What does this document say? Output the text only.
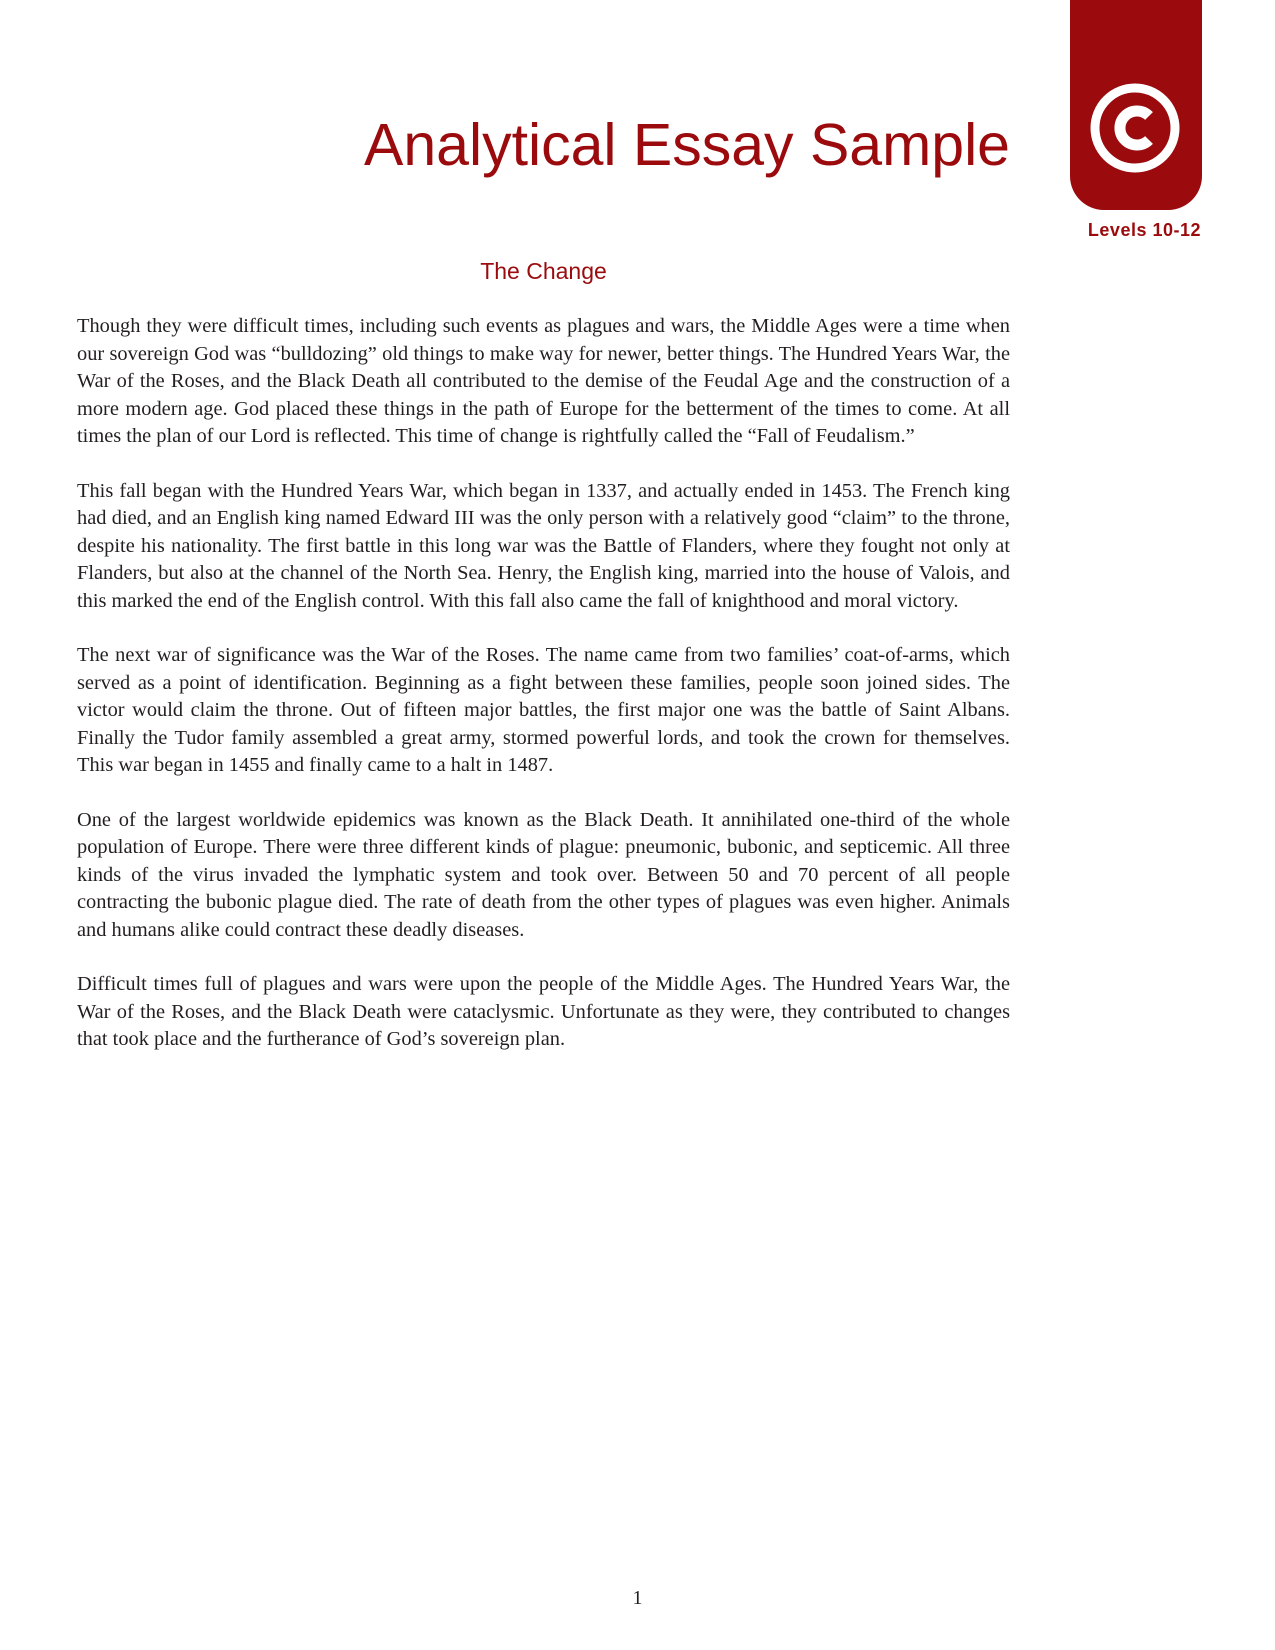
Levels 10-12
Analytical Essay Sample
The Change

Though they were difficult times, including such events as plagues and wars, the Middle Ages were a time when our sovereign God was “bulldozing” old things to make way for newer, better things. The Hundred Years War, the War of the Roses, and the Black Death all contributed to the demise of the Feudal Age and the construction of a more modern age. God placed these things in the path of Europe for the betterment of the times to come. At all times the plan of our Lord is reflected. This time of change is rightfully called the “Fall of Feudalism.”

This fall began with the Hundred Years War, which began in 1337, and actually ended in 1453. The French king had died, and an English king named Edward III was the only person with a relatively good “claim” to the throne, despite his nationality. The first battle in this long war was the Battle of Flanders, where they fought not only at Flanders, but also at the channel of the North Sea. Henry, the English king, married into the house of Valois, and this marked the end of the English control. With this fall also came the fall of knighthood and moral victory.

The next war of significance was the War of the Roses. The name came from two families’ coat-of-arms, which served as a point of identification. Beginning as a fight between these families, people soon joined sides. The victor would claim the throne. Out of fifteen major battles, the first major one was the battle of Saint Albans. Finally the Tudor family assembled a great army, stormed powerful lords, and took the crown for themselves. This war began in 1455 and finally came to a halt in 1487.

One of the largest worldwide epidemics was known as the Black Death. It annihilated one-third of the whole population of Europe. There were three different kinds of plague: pneumonic, bubonic, and septicemic. All three kinds of the virus invaded the lymphatic system and took over. Between 50 and 70 percent of all people contracting the bubonic plague died. The rate of death from the other types of plagues was even higher. Animals and humans alike could contract these deadly diseases.

Difficult times full of plagues and wars were upon the people of the Middle Ages. The Hundred Years War, the War of the Roses, and the Black Death were cataclysmic. Unfortunate as they were, they contributed to changes that took place and the furtherance of God’s sovereign plan.

1
